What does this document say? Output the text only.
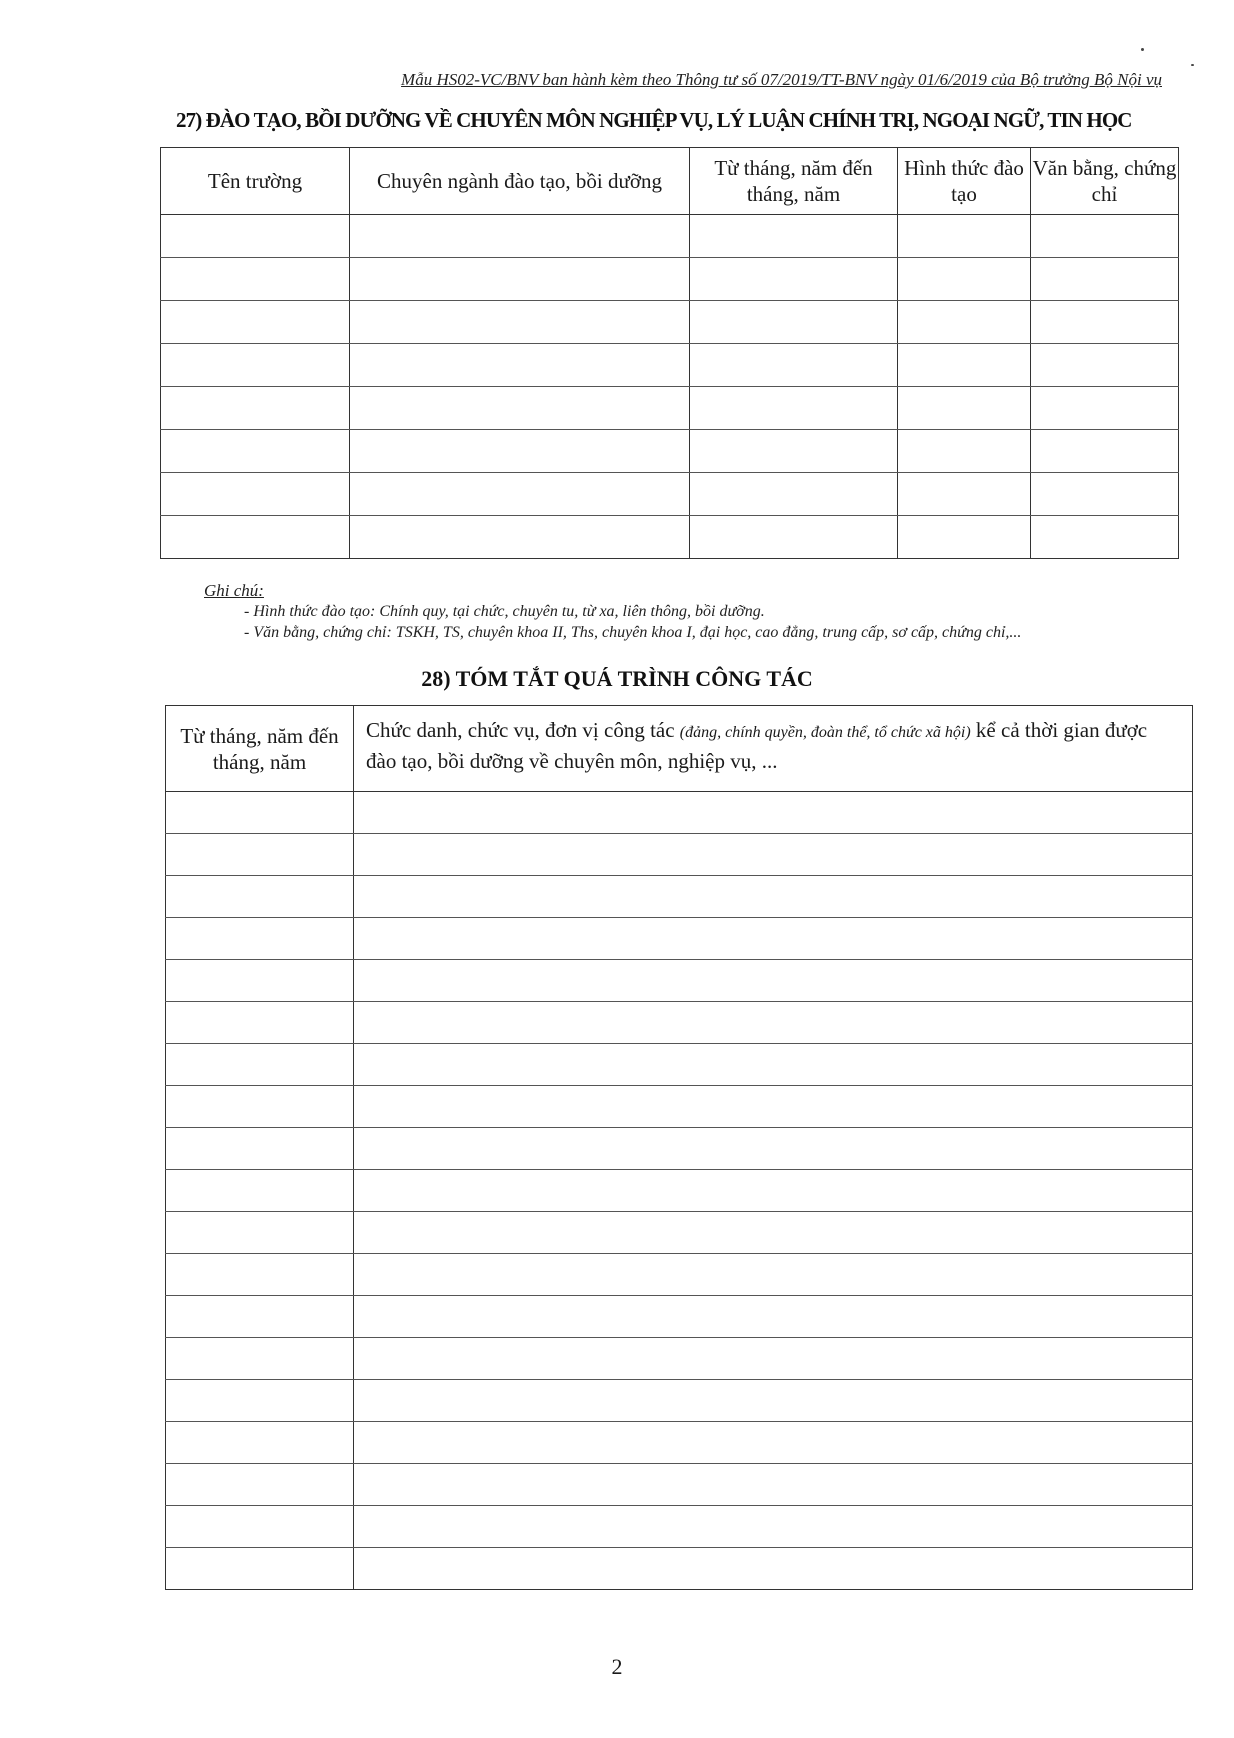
Mẫu HS02-VC/BNV ban hành kèm theo Thông tư số 07/2019/TT-BNV ngày 01/6/2019 của Bộ trưởng Bộ Nội vụ
27) ĐÀO TẠO, BỒI DƯỠNG VỀ CHUYÊN MÔN NGHIỆP VỤ, LÝ LUẬN CHÍNH TRỊ, NGOẠI NGỮ, TIN HỌC
Tên trường	Chuyên ngành đào tạo, bồi dưỡng	Từ tháng, năm đến tháng, năm	Hình thức đào tạo	Văn bằng, chứng chỉ

Ghi chú:
- Hình thức đào tạo: Chính quy, tại chức, chuyên tu, từ xa, liên thông, bồi dưỡng.
- Văn bằng, chứng chỉ: TSKH, TS, chuyên khoa II, Ths, chuyên khoa I, đại học, cao đẳng, trung cấp, sơ cấp, chứng chỉ,...
28) TÓM TẮT QUÁ TRÌNH CÔNG TÁC
Từ tháng, năm đến tháng, năm	Chức danh, chức vụ, đơn vị công tác (đảng, chính quyền, đoàn thể, tổ chức xã hội) kể cả thời gian được đào tạo, bồi dưỡng về chuyên môn, nghiệp vụ, ...

2
